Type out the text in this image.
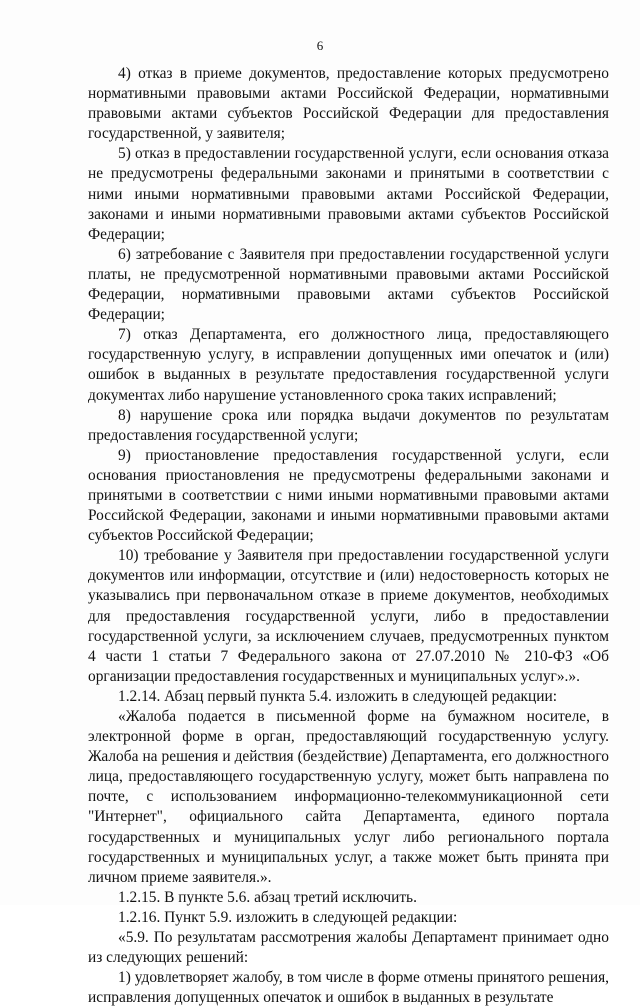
6

4) отказ в приеме документов, предоставление которых предусмотрено нормативными правовыми актами Российской Федерации, нормативными правовыми актами субъектов Российской Федерации для предоставления государственной, у заявителя;

5) отказ в предоставлении государственной услуги, если основания отказа не предусмотрены федеральными законами и принятыми в соответствии с ними иными нормативными правовыми актами Российской Федерации, законами и иными нормативными правовыми актами субъектов Российской Федерации;

6) затребование с Заявителя при предоставлении государственной услуги платы, не предусмотренной нормативными правовыми актами Российской Федерации, нормативными правовыми актами субъектов Российской Федерации;

7) отказ Департамента, его должностного лица, предоставляющего государственную услугу, в исправлении допущенных ими опечаток и (или) ошибок в выданных в результате предоставления государственной услуги документах либо нарушение установленного срока таких исправлений;

8) нарушение срока или порядка выдачи документов по результатам предоставления государственной услуги;

9) приостановление предоставления государственной услуги, если основания приостановления не предусмотрены федеральными законами и принятыми в соответствии с ними иными нормативными правовыми актами Российской Федерации, законами и иными нормативными правовыми актами субъектов Российской Федерации;

10) требование у Заявителя при предоставлении государственной услуги документов или информации, отсутствие и (или) недостоверность которых не указывались при первоначальном отказе в приеме документов, необходимых для предоставления государственной услуги, либо в предоставлении государственной услуги, за исключением случаев, предусмотренных пунктом 4 части 1 статьи 7 Федерального закона от 27.07.2010 № 210-ФЗ «Об организации предоставления государственных и муниципальных услуг».».

1.2.14. Абзац первый пункта 5.4. изложить в следующей редакции:

«Жалоба подается в письменной форме на бумажном носителе, в электронной форме в орган, предоставляющий государственную услугу. Жалоба на решения и действия (бездействие) Департамента, его должностного лица, предоставляющего государственную услугу, может быть направлена по почте, с использованием информационно-телекоммуникационной сети "Интернет", официального сайта Департамента, единого портала государственных и муниципальных услуг либо регионального портала государственных и муниципальных услуг, а также может быть принята при личном приеме заявителя.».

1.2.15. В пункте 5.6. абзац третий исключить.

1.2.16. Пункт 5.9. изложить в следующей редакции:

«5.9. По результатам рассмотрения жалобы Департамент принимает одно из следующих решений:

1) удовлетворяет жалобу, в том числе в форме отмены принятого решения, исправления допущенных опечаток и ошибок в выданных в результате
